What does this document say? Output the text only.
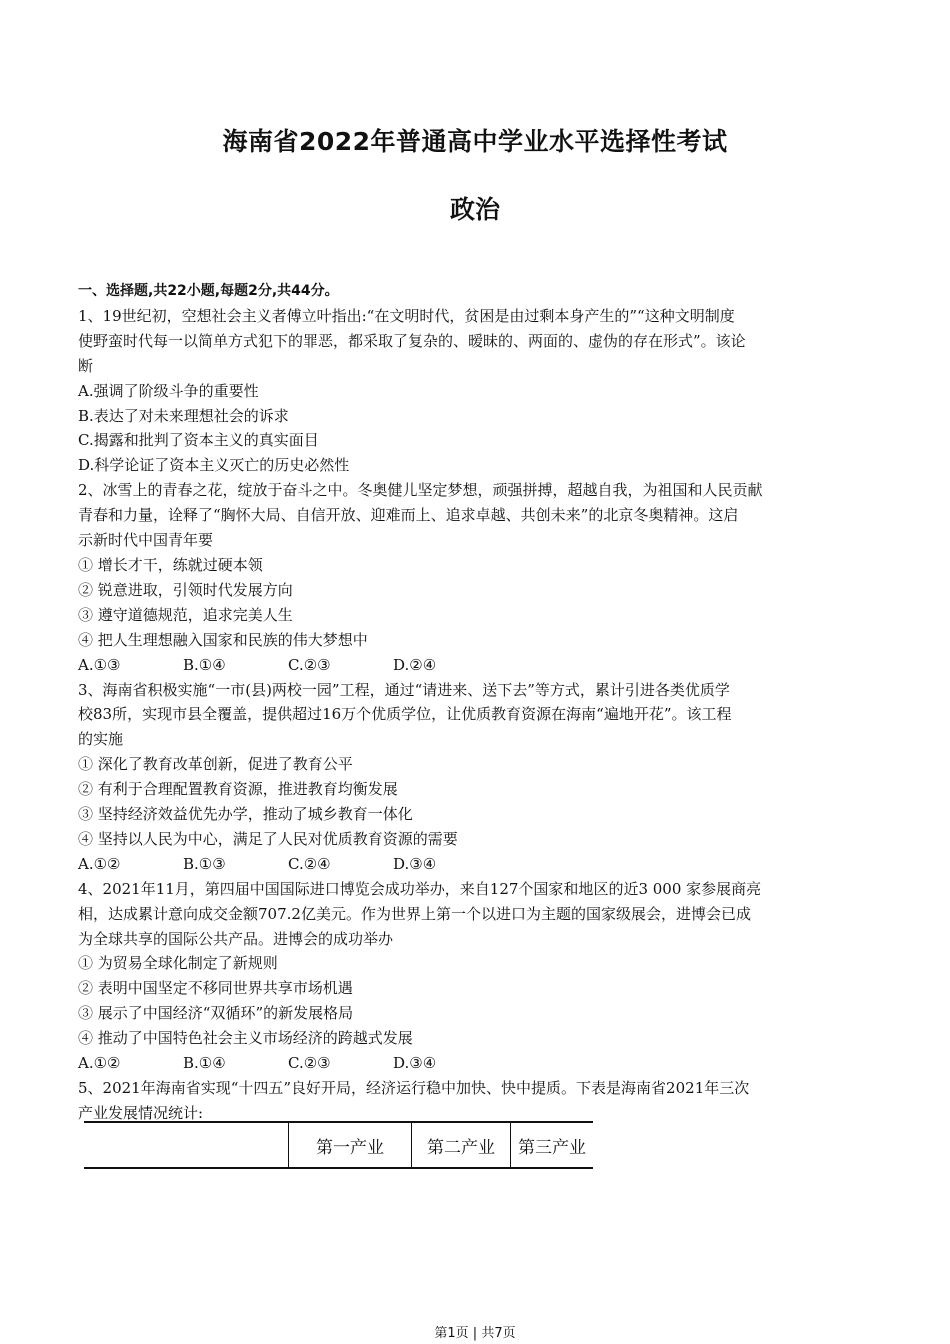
海南省2022年普通高中学业水平选择性考试
政治
一、选择题,共22小题,每题2分,共44分。
1、19世纪初，空想社会主义者傅立叶指出:“在文明时代，贫困是由过剩本身产生的”“这种文明制度
使野蛮时代每一以简单方式犯下的罪恶，都采取了复杂的、暧昧的、两面的、虚伪的存在形式”。该论
断
A.强调了阶级斗争的重要性
B.表达了对未来理想社会的诉求
C.揭露和批判了资本主义的真实面目
D.科学论证了资本主义灭亡的历史必然性
2、冰雪上的青春之花，绽放于奋斗之中。冬奥健儿坚定梦想，顽强拼搏，超越自我，为祖国和人民贡献
青春和力量，诠释了“胸怀大局、自信开放、迎难而上、追求卓越、共创未来”的北京冬奥精神。这启
示新时代中国青年要
① 增长才干，练就过硬本领
② 锐意进取，引领时代发展方向
③ 遵守道德规范，追求完美人生
④ 把人生理想融入国家和民族的伟大梦想中
A.①③	B.①④	C.②③	D.②④
3、海南省积极实施“一市(县)两校一园”工程，通过“请进来、送下去”等方式，累计引进各类优质学
校83所，实现市县全覆盖，提供超过16万个优质学位，让优质教育资源在海南“遍地开花”。该工程
的实施
① 深化了教育改革创新，促进了教育公平
② 有利于合理配置教育资源，推进教育均衡发展
③ 坚持经济效益优先办学，推动了城乡教育一体化
④ 坚持以人民为中心，满足了人民对优质教育资源的需要
A.①②	B.①③	C.②④	D.③④
4、2021年11月，第四届中国国际进口博览会成功举办，来自127个国家和地区的近3 000 家参展商亮
相，达成累计意向成交金额707.2亿美元。作为世界上第一个以进口为主题的国家级展会，进博会已成
为全球共享的国际公共产品。进博会的成功举办
① 为贸易全球化制定了新规则
② 表明中国坚定不移同世界共享市场机遇
③ 展示了中国经济“双循环”的新发展格局
④ 推动了中国特色社会主义市场经济的跨越式发展
A.①②	B.①④	C.②③	D.③④
5、2021年海南省实现“十四五”良好开局，经济运行稳中加快、快中提质。下表是海南省2021年三次
产业发展情况统计:
	第一产业	第二产业	第三产业
第1页 | 共7页
